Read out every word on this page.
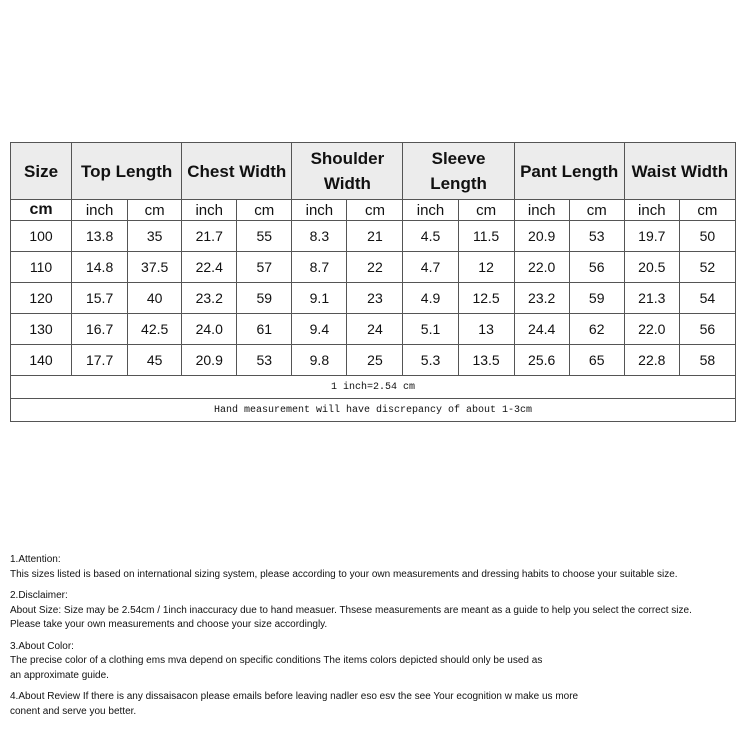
Size	Top Length		Chest Width		Shoulder Width		Sleeve Length		Pant Length		Waist Width	
cm	inch	cm	inch	cm	inch	cm	inch	cm	inch	cm	inch	cm
100	13.8	35	21.7	55	8.3	21	4.5	11.5	20.9	53	19.7	50
110	14.8	37.5	22.4	57	8.7	22	4.7	12	22.0	56	20.5	52
120	15.7	40	23.2	59	9.1	23	4.9	12.5	23.2	59	21.3	54
130	16.7	42.5	24.0	61	9.4	24	5.1	13	24.4	62	22.0	56
140	17.7	45	20.9	53	9.8	25	5.3	13.5	25.6	65	22.8	58
1 inch=2.54 cm												
Hand measurement will have discrepancy of about 1-3cm												

1.Attention:

This sizes listed is based on international sizing system, please according to your own measurements and dressing habits to choose your suitable size.

2.Disclaimer:

About Size: Size may be 2.54cm / 1inch inaccuracy due to hand measuer. Thsese measurements are meant as a guide to help you select the correct size.

Please take your own measurements and choose your size accordingly.

3.About Color:

The precise color of a clothing ems mva depend on specific conditions The items colors depicted should only be used as

an approximate guide.

4.About Review If there is any dissaisacon please emails before leaving nadler eso esv the see Your ecognition w make us more

conent and serve you better.
